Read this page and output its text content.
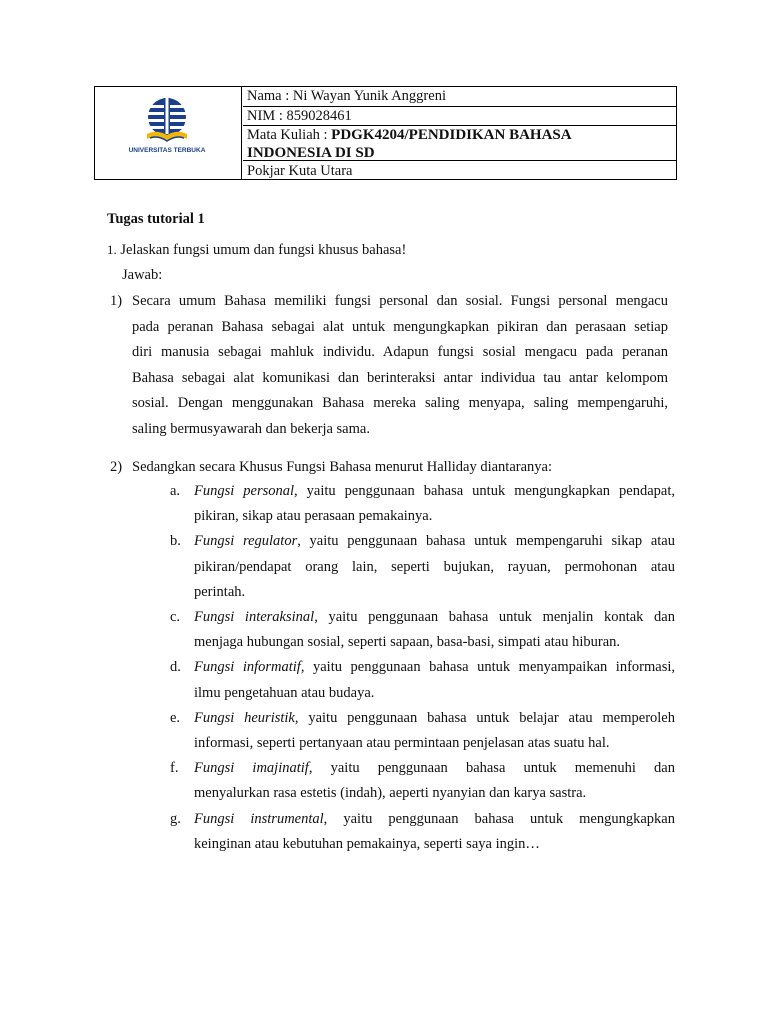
UNIVERSITAS TERBUKA
Nama : Ni Wayan Yunik Anggreni
NIM : 859028461
Mata Kuliah : PDGK4204/PENDIDIKAN BAHASA
INDONESIA DI SD
Pokjar Kuta Utara
Tugas tutorial 1
1. Jelaskan fungsi umum dan fungsi khusus bahasa!
Jawab:
1) Secara umum Bahasa memiliki fungsi personal dan sosial. Fungsi personal mengacu
pada peranan Bahasa sebagai alat untuk mengungkapkan pikiran dan perasaan setiap
diri manusia sebagai mahluk individu. Adapun fungsi sosial mengacu pada peranan
Bahasa sebagai alat komunikasi dan berinteraksi antar individua tau antar kelompom
sosial. Dengan menggunakan Bahasa mereka saling menyapa, saling mempengaruhi,
saling bermusyawarah dan bekerja sama.
2) Sedangkan secara Khusus Fungsi Bahasa menurut Halliday diantaranya:
a. Fungsi personal, yaitu penggunaan bahasa untuk mengungkapkan pendapat,
pikiran, sikap atau perasaan pemakainya.
b. Fungsi regulator, yaitu penggunaan bahasa untuk mempengaruhi sikap atau
pikiran/pendapat orang lain, seperti bujukan, rayuan, permohonan atau
perintah.
c. Fungsi interaksinal, yaitu penggunaan bahasa untuk menjalin kontak dan
menjaga hubungan sosial, seperti sapaan, basa-basi, simpati atau hiburan.
d. Fungsi informatif, yaitu penggunaan bahasa untuk menyampaikan informasi,
ilmu pengetahuan atau budaya.
e. Fungsi heuristik, yaitu penggunaan bahasa untuk belajar atau memperoleh
informasi, seperti pertanyaan atau permintaan penjelasan atas suatu hal.
f. Fungsi imajinatif, yaitu penggunaan bahasa untuk memenuhi dan
menyalurkan rasa estetis (indah), aeperti nyanyian dan karya sastra.
g. Fungsi instrumental, yaitu penggunaan bahasa untuk mengungkapkan
keinginan atau kebutuhan pemakainya, seperti saya ingin…
